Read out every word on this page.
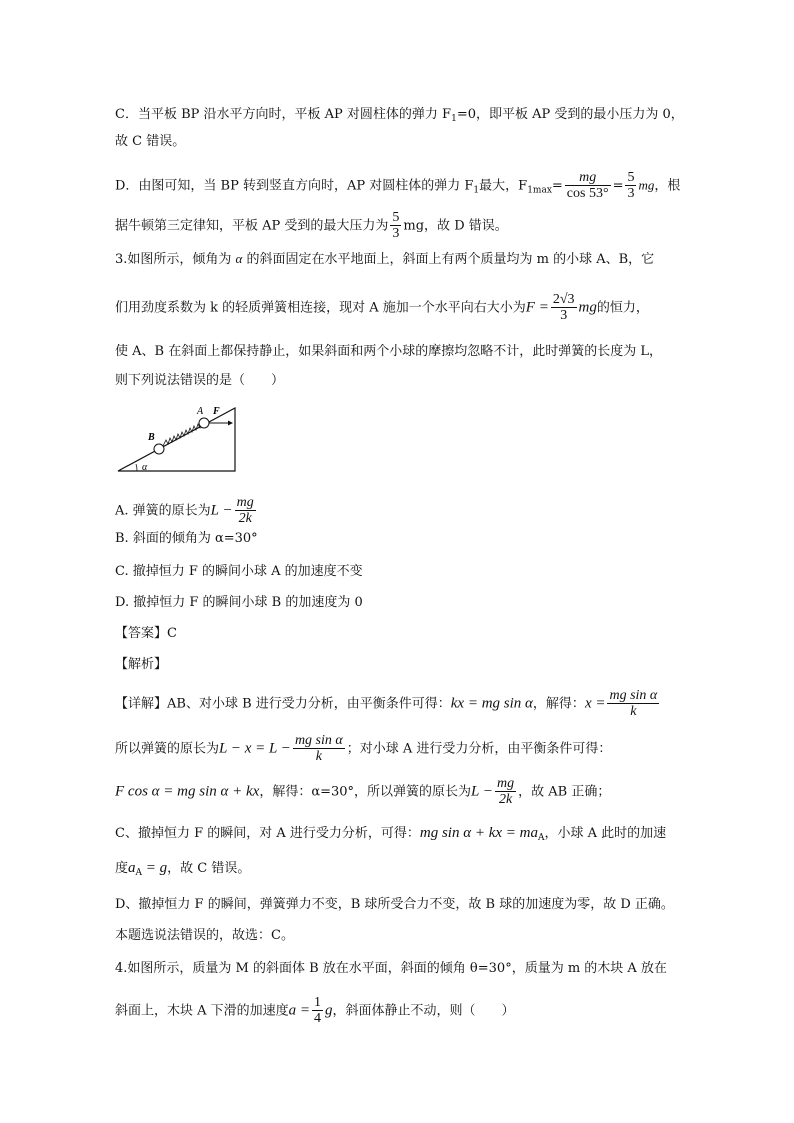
C．当平板 BP 沿水平方向时，平板 AP 对圆柱体的弹力 $F_1=0$，即平板 AP 受到的最小压力为 0，
故 C 错误。
D．由图可知，当 BP 转到竖直方向时，AP 对圆柱体的弹力 $F_1$最大，$F_{1max}= \frac{mg}{\cos 53^\circ} = \frac{5}{3}$ mg，根
据牛顿第三定律知，平板 AP 受到的最大压力为 $\frac{5}{3}$ mg，故 D 错误。
3.如图所示，倾角为 α 的斜面固定在水平地面上，斜面上有两个质量均为 m 的小球 A、B，它
们用劲度系数为 k 的轻质弹簧相连接，现对 A 施加一个水平向右大小为$F = \frac{2√3}{3}$ mg的恒力，
使 A、B 在斜面上都保持静止，如果斜面和两个小球的摩擦均忽略不计，此时弹簧的长度为 L，
则下列说法错误的是（　　）
A F
B
α
A. 弹簧的原长为$L - \frac{mg}{2k}$
B. 斜面的倾角为 α=30°
C. 撤掉恒力 F 的瞬间小球 A 的加速度不变
D. 撤掉恒力 F 的瞬间小球 B 的加速度为 0
【答案】C
【解析】
【详解】AB、对小球 B 进行受力分析，由平衡条件可得：kx = mg sin α，解得：$x = \frac{\text{mg sin α}}{k}$
所以弹簧的原长为$L - x = L - \frac{\text{mg sin α}}{k}$ ；对小球 A 进行受力分析，由平衡条件可得：
F cos α = mg sin α + kx，解得：α=30°，所以弹簧的原长为$L - \frac{mg}{2k}$ ，故 AB 正确；
C、撤掉恒力 F 的瞬间，对 A 进行受力分析，可得：mg sin α + kx = $ma_A$，小球 A 此时的加速
度$a_A = g$，故 C 错误。
D、撤掉恒力 F 的瞬间，弹簧弹力不变，B 球所受合力不变，故 B 球的加速度为零，故 D 正确。
本题选说法错误的，故选：C。
4.如图所示，质量为 M 的斜面体 B 放在水平面，斜面的倾角 θ=30°，质量为 m 的木块 A 放在
斜面上，木块 A 下滑的加速度$a = \frac{1}{4}$ g，斜面体静止不动，则（　　）
